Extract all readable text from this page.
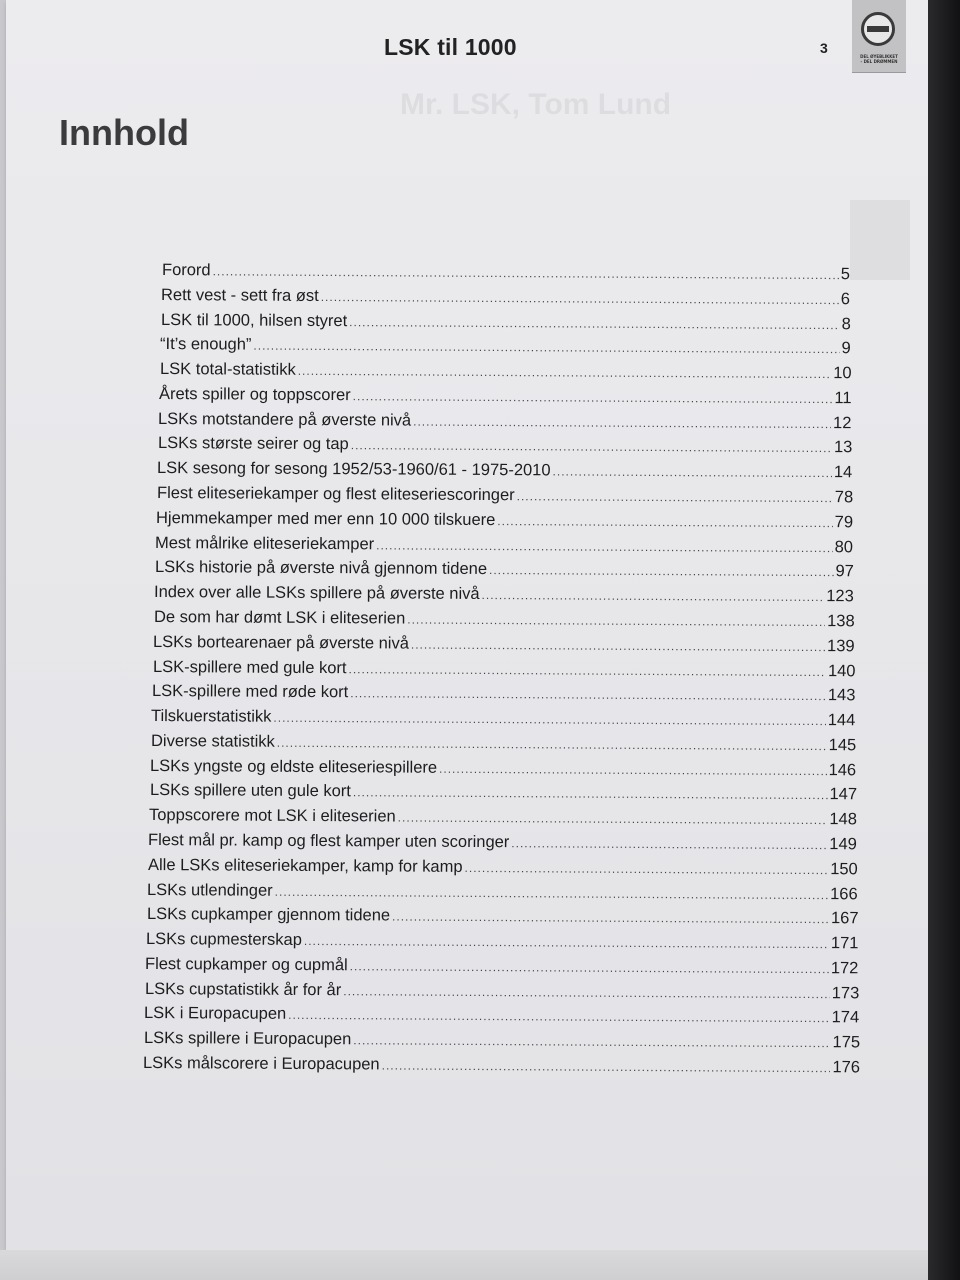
Mr. LSK, Tom Lund
LSK til 1000	3
DEL ØYEBLIKKET
- DEL DRØMMEN
Innhold
Forord .....	5
Rett vest - sett fra øst .....	6
LSK til 1000, hilsen styret .....	8
“It’s enough” .....	9
LSK total-statistikk .....	10
Årets spiller og toppscorer .....	11
LSKs motstandere på øverste nivå .....	12
LSKs største seirer og tap .....	13
LSK sesong for sesong 1952/53-1960/61 - 1975-2010 .....	14
Flest eliteseriekamper og flest eliteseriescoringer .....	78
Hjemmekamper med mer enn 10 000 tilskuere .....	79
Mest målrike eliteseriekamper .....	80
LSKs historie på øverste nivå gjennom tidene .....	97
Index over alle LSKs spillere på øverste nivå .....	123
De som har dømt LSK i eliteserien .....	138
LSKs bortearenaer på øverste nivå .....	139
LSK-spillere med gule kort .....	140
LSK-spillere med røde kort .....	143
Tilskuerstatistikk .....	144
Diverse statistikk .....	145
LSKs yngste og eldste eliteseriespillere .....	146
LSKs spillere uten gule kort .....	147
Toppscorere mot LSK i eliteserien .....	148
Flest mål pr. kamp og flest kamper uten scoringer .....	149
Alle LSKs eliteseriekamper, kamp for kamp .....	150
LSKs utlendinger .....	166
LSKs cupkamper gjennom tidene .....	167
LSKs cupmesterskap .....	171
Flest cupkamper og cupmål .....	172
LSKs cupstatistikk år for år .....	173
LSK i Europacupen .....	174
LSKs spillere i Europacupen .....	175
LSKs målscorere i Europacupen .....	176
